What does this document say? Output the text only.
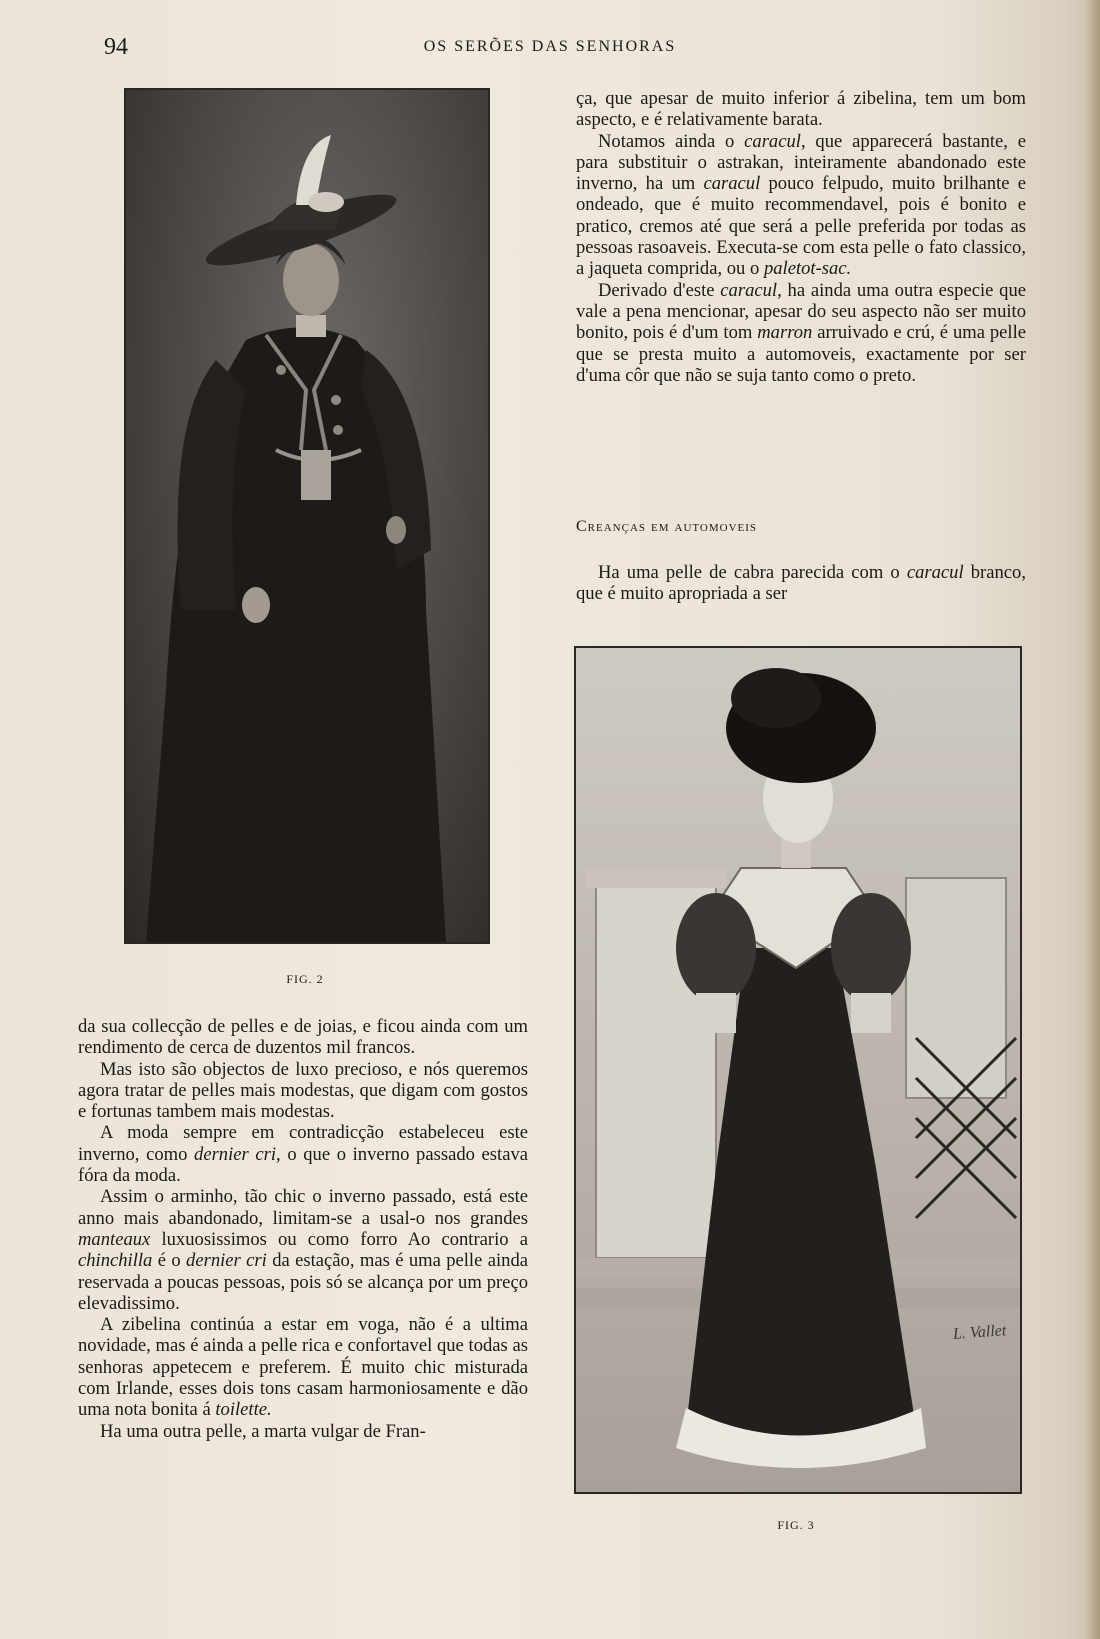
94	OS SERÕES DAS SENHORAS
FIG. 2

ça, que apesar de muito inferior á zibelina, tem um bom aspecto, e é relativamente barata.

Notamos ainda o caracul, que apparecerá bastante, e para substituir o astrakan, inteiramente abandonado este inverno, ha um caracul pouco felpudo, muito brilhante e ondeado, que é muito recommendavel, pois é bonito e pratico, cremos até que será a pelle preferida por todas as pessoas rasoaveis. Executa-se com esta pelle o fato classico, a jaqueta comprida, ou o paletot-sac.

Derivado d'este caracul, ha ainda uma outra especie que vale a pena mencionar, apesar do seu aspecto não ser muito bonito, pois é d'um tom marron arruivado e crú, é uma pelle que se presta muito a automoveis, exactamente por ser d'uma côr que não se suja tanto como o preto.

Creanças em automoveis

Ha uma pelle de cabra parecida com o caracul branco, que é muito apropriada a ser

L. Vallet
FIG. 3

da sua collecção de pelles e de joias, e ficou ainda com um rendimento de cerca de duzentos mil francos.

Mas isto são objectos de luxo precioso, e nós queremos agora tratar de pelles mais modestas, que digam com gostos e fortunas tambem mais modestas.

A moda sempre em contradicção estabeleceu este inverno, como dernier cri, o que o inverno passado estava fóra da moda.

Assim o arminho, tão chic o inverno passado, está este anno mais abandonado, limitam-se a usal-o nos grandes manteaux luxuosissimos ou como forro Ao contrario a chinchilla é o dernier cri da estação, mas é uma pelle ainda reservada a poucas pessoas, pois só se alcança por um preço elevadissimo.

A zibelina continúa a estar em voga, não é a ultima novidade, mas é ainda a pelle rica e confortavel que todas as senhoras appetecem e preferem. É muito chic misturada com Irlande, esses dois tons casam harmoniosamente e dão uma nota bonita á toilette.

Ha uma outra pelle, a marta vulgar de Fran-
